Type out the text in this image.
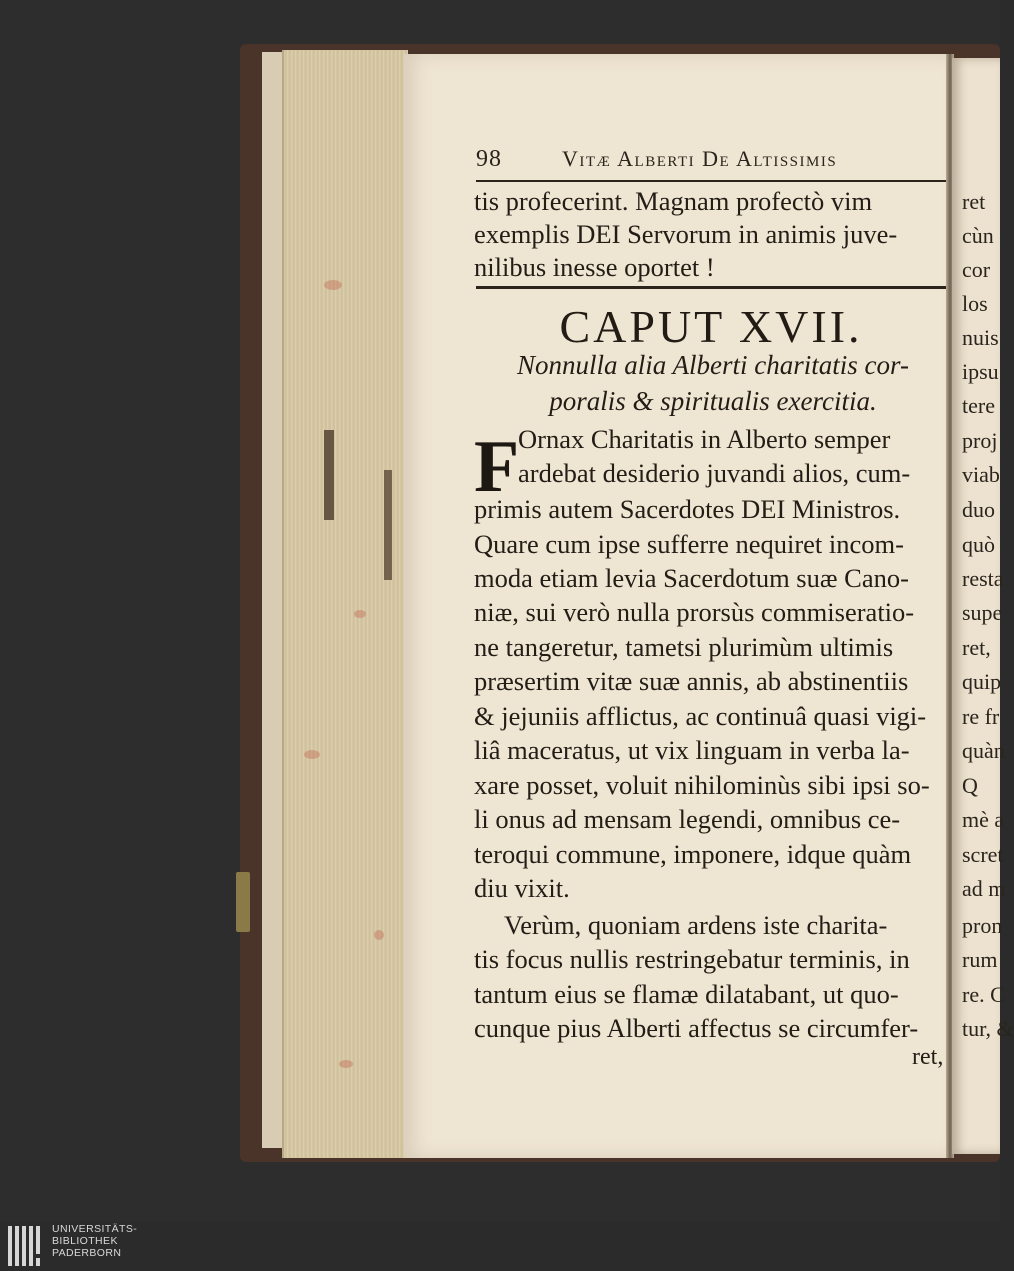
98	Vitæ Alberti De Altissimis
tis profecerint. Magnam profectò vim
exemplis DEI Servorum in animis juve-
nilibus inesse oportet !
CAPUT XVII.
Nonnulla alia Alberti charitatis cor-
poralis & spiritualis exercitia.
F
Ornax Charitatis in Alberto semper
ardebat desiderio juvandi alios, cum-
primis autem Sacerdotes DEI Ministros.
Quare cum ipse sufferre nequiret incom-
moda etiam levia Sacerdotum suæ Cano-
niæ, sui verò nulla prorsùs commiseratio-
ne tangeretur, tametsi plurimùm ultimis
præsertim vitæ suæ annis, ab abstinentiis
& jejuniis afflictus, ac continuâ quasi vigi-
liâ maceratus, ut vix linguam in verba la-
xare posset, voluit nihilominùs sibi ipsi so-
li onus ad mensam legendi, omnibus ce-
teroqui commune, imponere, idque quàm
diu vixit.
Verùm, quoniam ardens iste charita-
tis focus nullis restringebatur terminis, in
tantum eius se flamæ dilatabant, ut quo-
cunque pius Alberti affectus se circumfer-
ret,
ret
cùn
cor
los
nuis
ipsu
tere
proj
viab
duo
quò
resta
supe
ret,
quip
re fr
quàn
Q
mè a
scret
ad m
pron
rum
re. C
tur, &
UNIVERSITÄTS-
BIBLIOTHEK
PADERBORN
